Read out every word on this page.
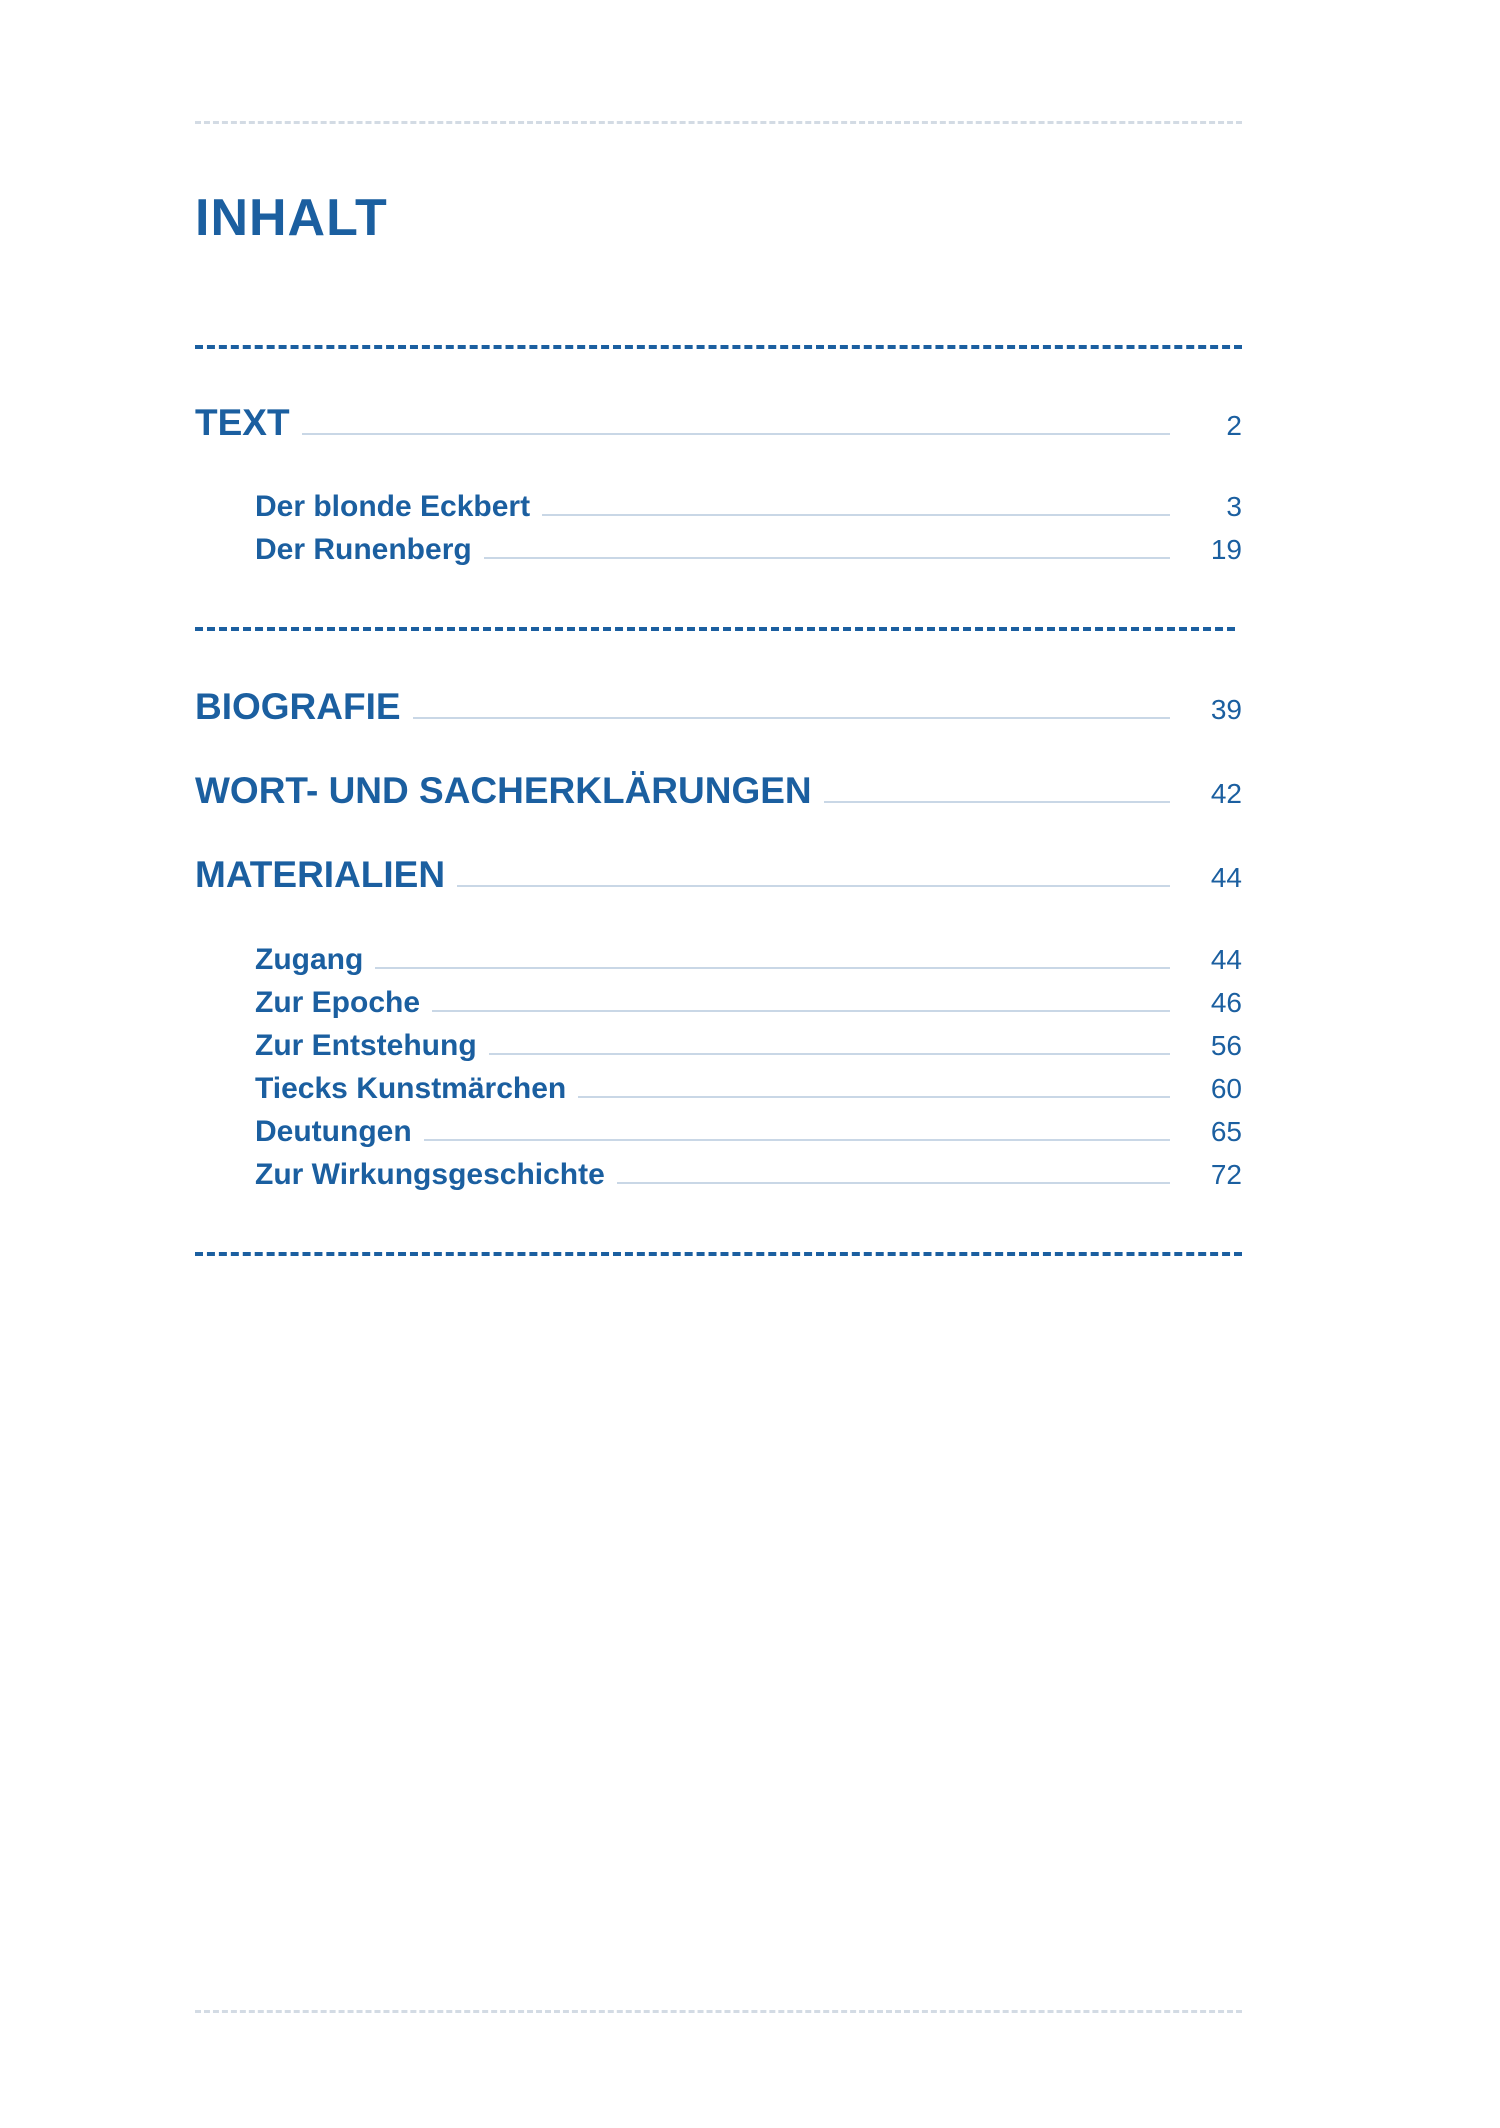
INHALT
TEXT	2
Der blonde Eckbert	3
Der Runenberg	19
BIOGRAFIE	39
WORT- UND SACHERKLÄRUNGEN	42
MATERIALIEN	44
Zugang	44
Zur Epoche	46
Zur Entstehung	56
Tiecks Kunstmärchen	60
Deutungen	65
Zur Wirkungsgeschichte	72
